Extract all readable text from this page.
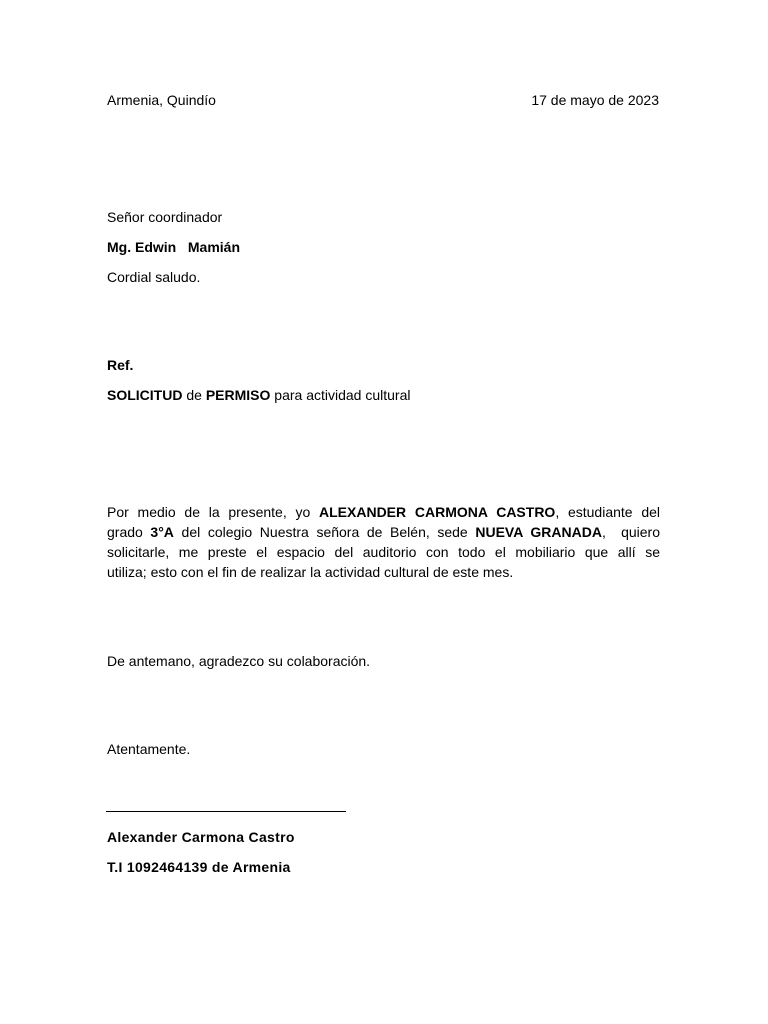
Armenia, Quindío	17 de mayo de 2023
Señor coordinador
Mg. Edwin   Mamián
Cordial saludo.
Ref.
SOLICITUD de PERMISO para actividad cultural
Por medio de la presente, yo ALEXANDER CARMONA CASTRO, estudiante del
grado 3°A del colegio Nuestra señora de Belén, sede NUEVA GRANADA,  quiero
solicitarle, me preste el espacio del auditorio con todo el mobiliario que allí se
utiliza; esto con el fin de realizar la actividad cultural de este mes.
De antemano, agradezco su colaboración.
Atentamente.
Alexander Carmona Castro
T.I 1092464139 de Armenia
